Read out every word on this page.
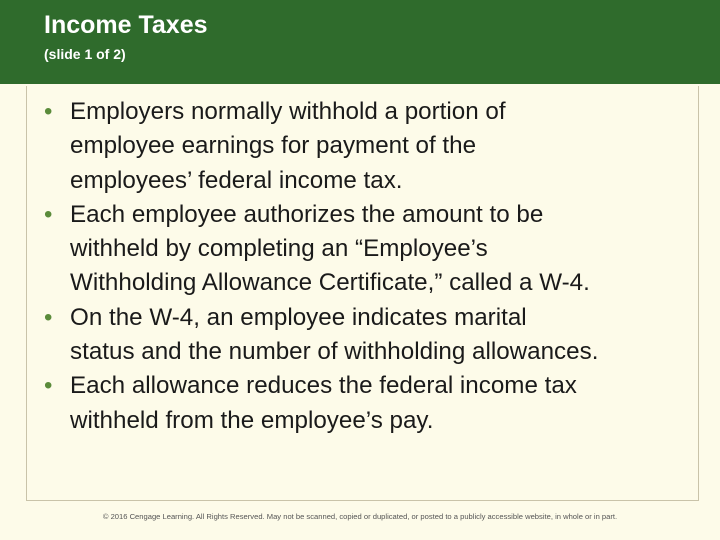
Income Taxes
(slide 1 of 2)
• Employers normally withhold a portion of
employee earnings for payment of the
employees’ federal income tax.
• Each employee authorizes the amount to be
withheld by completing an “Employee’s
Withholding Allowance Certificate,” called a W-4.
• On the W-4, an employee indicates marital
status and the number of withholding allowances.
• Each allowance reduces the federal income tax
withheld from the employee’s pay.
© 2016 Cengage Learning. All Rights Reserved. May not be scanned, copied or duplicated, or posted to a publicly accessible website, in whole or in part.
